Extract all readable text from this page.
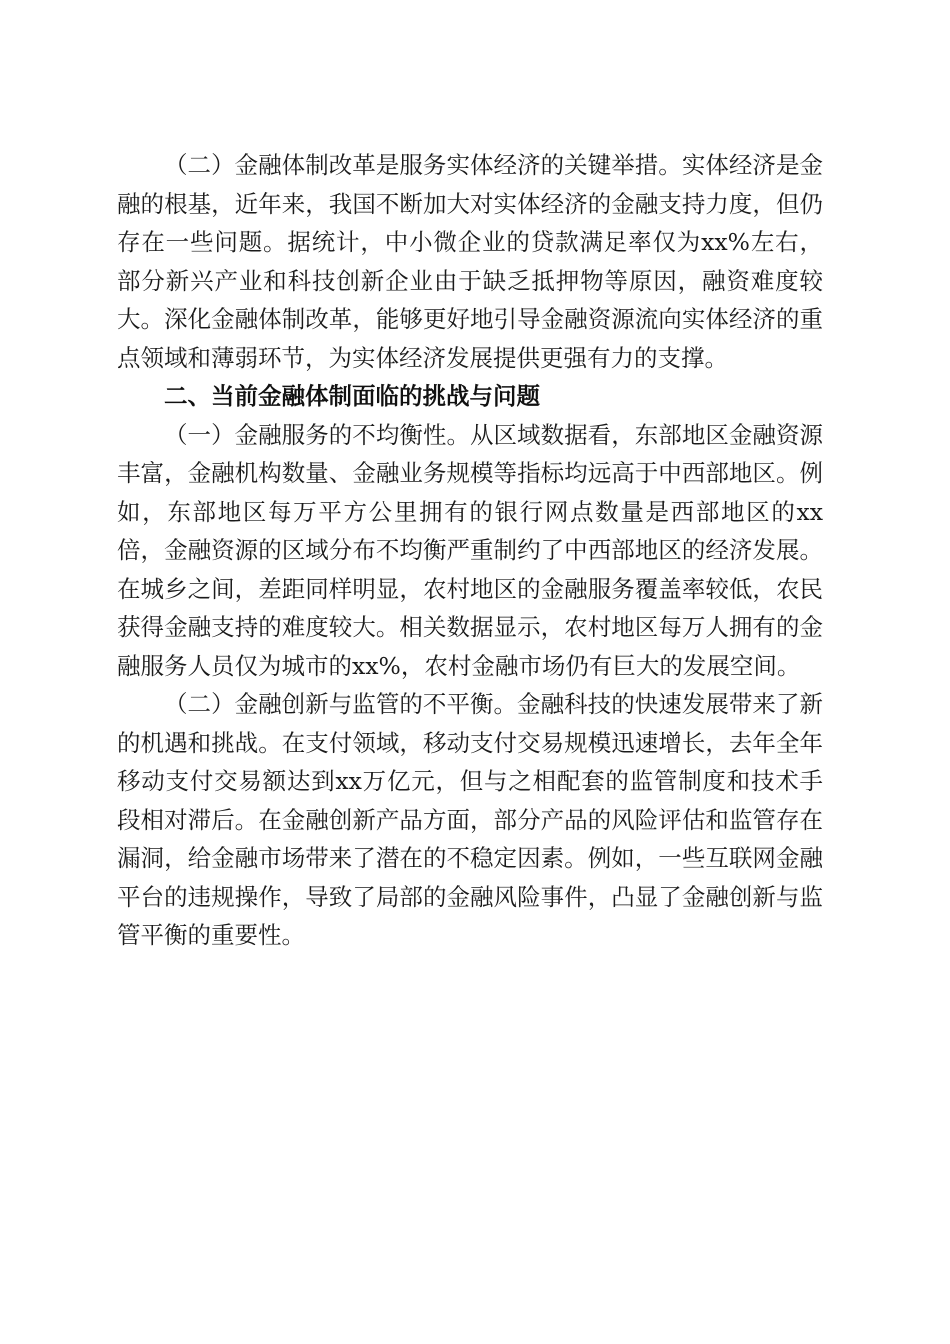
（二）金融体制改革是服务实体经济的关键举措。实体经济是金融的根基，近年来，我国不断加大对实体经济的金融支持力度，但仍存在一些问题。据统计，中小微企业的贷款满足率仅为xx%左右，部分新兴产业和科技创新企业由于缺乏抵押物等原因，融资难度较大。深化金融体制改革，能够更好地引导金融资源流向实体经济的重点领域和薄弱环节，为实体经济发展提供更强有力的支撑。

二、当前金融体制面临的挑战与问题

（一）金融服务的不均衡性。从区域数据看，东部地区金融资源丰富，金融机构数量、金融业务规模等指标均远高于中西部地区。例如，东部地区每万平方公里拥有的银行网点数量是西部地区的xx倍，金融资源的区域分布不均衡严重制约了中西部地区的经济发展。在城乡之间，差距同样明显，农村地区的金融服务覆盖率较低，农民获得金融支持的难度较大。相关数据显示，农村地区每万人拥有的金融服务人员仅为城市的xx%，农村金融市场仍有巨大的发展空间。

（二）金融创新与监管的不平衡。金融科技的快速发展带来了新的机遇和挑战。在支付领域，移动支付交易规模迅速增长，去年全年移动支付交易额达到xx万亿元，但与之相配套的监管制度和技术手段相对滞后。在金融创新产品方面，部分产品的风险评估和监管存在漏洞，给金融市场带来了潜在的不稳定因素。例如，一些互联网金融平台的违规操作，导致了局部的金融风险事件，凸显了金融创新与监管平衡的重要性。
